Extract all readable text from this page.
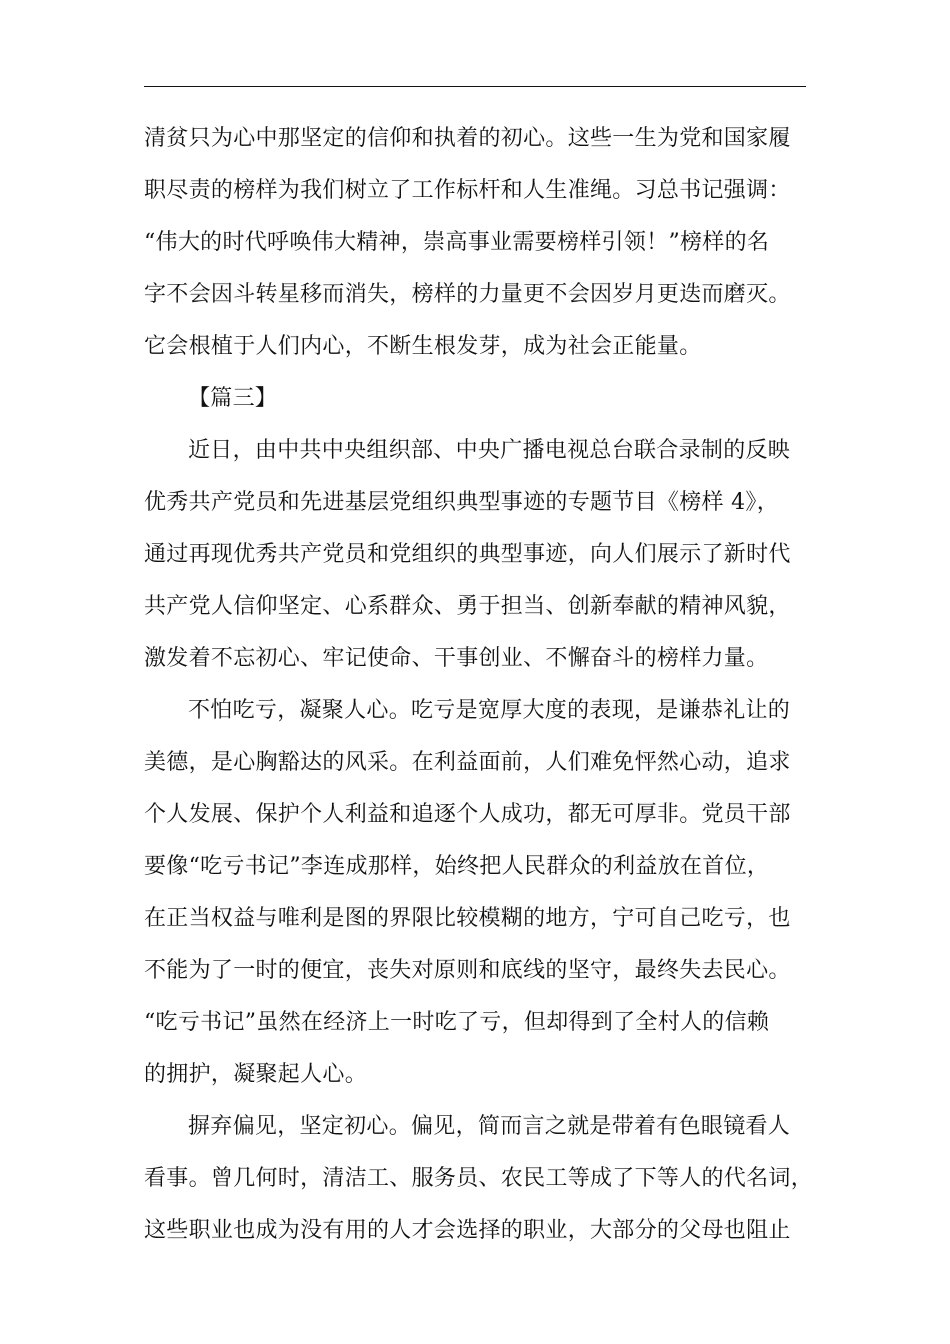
清贫只为心中那坚定的信仰和执着的初心。这些一生为党和国家履
职尽责的榜样为我们树立了工作标杆和人生准绳。习总书记强调：
“伟大的时代呼唤伟大精神，崇高事业需要榜样引领！”榜样的名
字不会因斗转星移而消失，榜样的力量更不会因岁月更迭而磨灭。
它会根植于人们内心，不断生根发芽，成为社会正能量。
【篇三】
近日，由中共中央组织部、中央广播电视总台联合录制的反映
优秀共产党员和先进基层党组织典型事迹的专题节目《榜样 4》，
通过再现优秀共产党员和党组织的典型事迹，向人们展示了新时代
共产党人信仰坚定、心系群众、勇于担当、创新奉献的精神风貌，
激发着不忘初心、牢记使命、干事创业、不懈奋斗的榜样力量。
不怕吃亏，凝聚人心。吃亏是宽厚大度的表现，是谦恭礼让的
美德，是心胸豁达的风采。在利益面前，人们难免怦然心动，追求
个人发展、保护个人利益和追逐个人成功，都无可厚非。党员干部
要像“吃亏书记”李连成那样，始终把人民群众的利益放在首位，
在正当权益与唯利是图的界限比较模糊的地方，宁可自己吃亏，也
不能为了一时的便宜，丧失对原则和底线的坚守，最终失去民心。
“吃亏书记”虽然在经济上一时吃了亏，但却得到了全村人的信赖
的拥护，凝聚起人心。
摒弃偏见，坚定初心。偏见，简而言之就是带着有色眼镜看人
看事。曾几何时，清洁工、服务员、农民工等成了下等人的代名词，
这些职业也成为没有用的人才会选择的职业，大部分的父母也阻止
